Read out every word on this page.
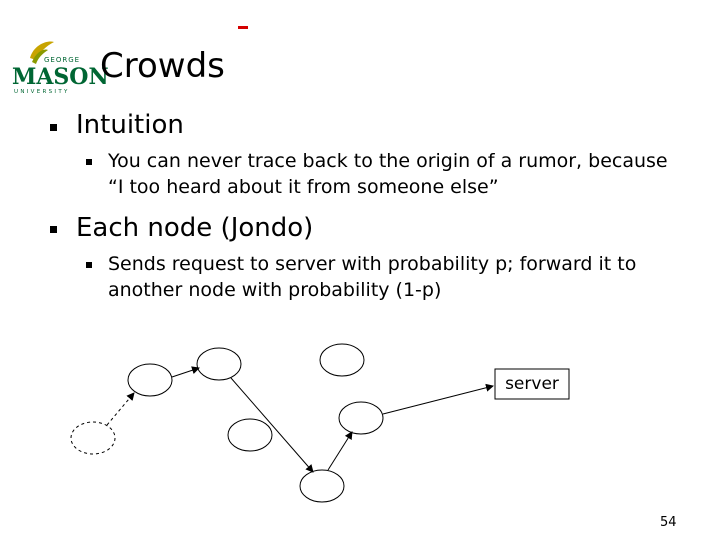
GEORGE
MASON
UNIVERSITY
Crowds
Intuition
You can never trace back to the origin of a rumor, because “I too heard about it from someone else”
Each node (Jondo)
Sends request to server with probability p; forward it to another node with probability (1-p)
server
54
